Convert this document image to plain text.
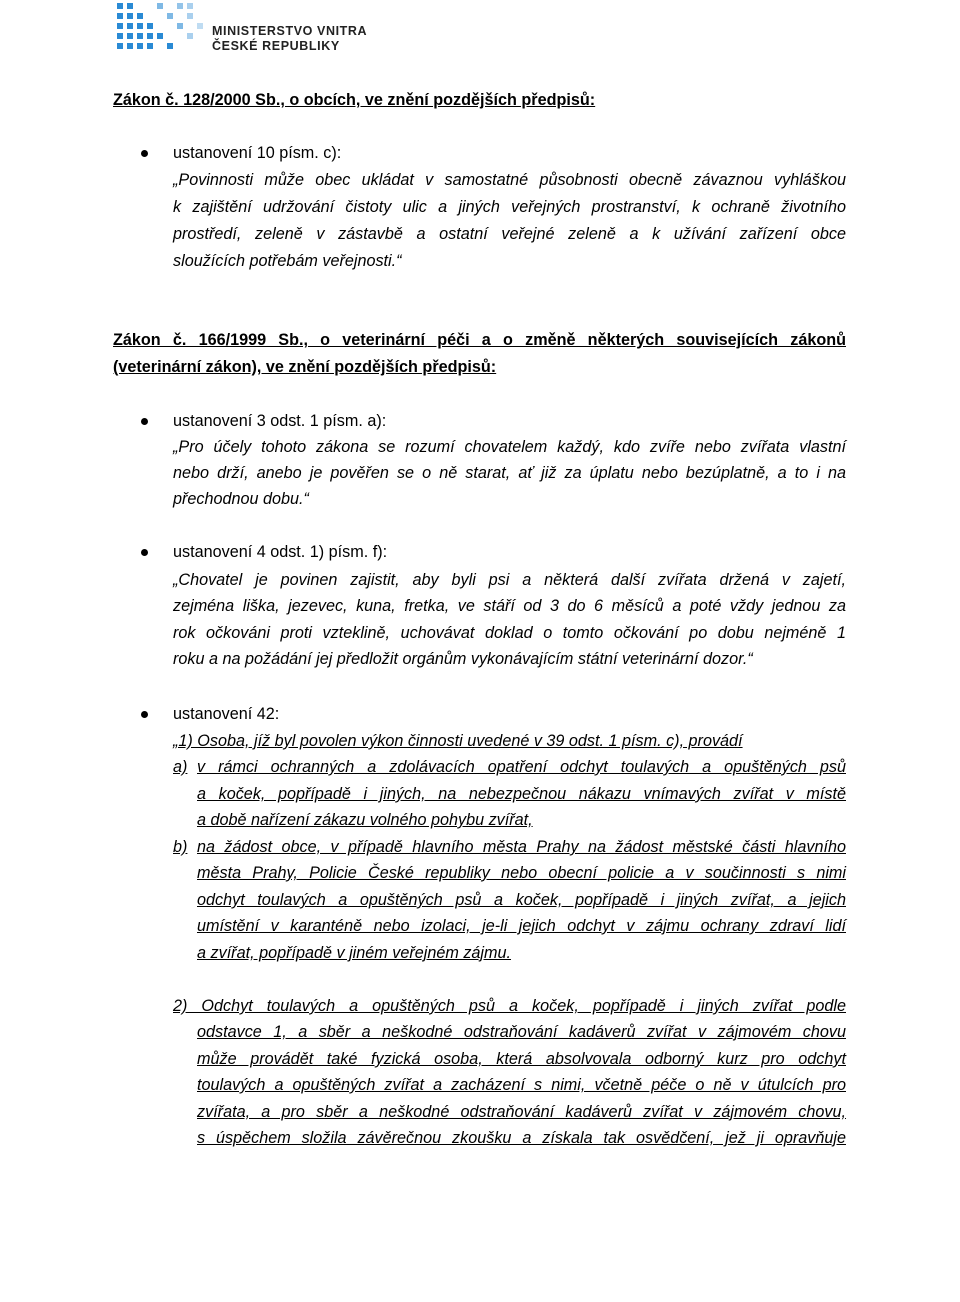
MINISTERSTVO VNITRA
ČESKÉ REPUBLIKY
Zákon č. 128/2000 Sb., o obcích, ve znění pozdějších předpisů:
ustanovení 10 písm. c):
„Povinnosti může obec ukládat v samostatné působnosti obecně závaznou vyhláškou
k zajištění udržování čistoty ulic a jiných veřejných prostranství, k ochraně životního
prostředí, zeleně v zástavbě a ostatní veřejné zeleně a k užívání zařízení obce
sloužících potřebám veřejnosti.“
Zákon č. 166/1999 Sb., o veterinární péči a o změně některých souvisejících zákonů
(veterinární zákon), ve znění pozdějších předpisů:
ustanovení 3 odst. 1 písm. a):
„Pro účely tohoto zákona se rozumí chovatelem každý, kdo zvíře nebo zvířata vlastní
nebo drží, anebo je pověřen se o ně starat, ať již za úplatu nebo bezúplatně, a to i na
přechodnou dobu.“
ustanovení 4 odst. 1) písm. f):
„Chovatel je povinen zajistit, aby byli psi a některá další zvířata držená v zajetí,
zejména liška, jezevec, kuna, fretka, ve stáří od 3 do 6 měsíců a poté vždy jednou za
rok očkováni proti vzteklině, uchovávat doklad o tomto očkování po dobu nejméně 1
roku a na požádání jej předložit orgánům vykonávajícím státní veterinární dozor.“
ustanovení 42:
„1) Osoba, jíž byl povolen výkon činnosti uvedené v 39 odst. 1 písm. c), provádí
a) v rámci ochranných a zdolávacích opatření odchyt toulavých a opuštěných psů
a koček, popřípadě i jiných, na nebezpečnou nákazu vnímavých zvířat v místě
a době nařízení zákazu volného pohybu zvířat,
b) na žádost obce, v případě hlavního města Prahy na žádost městské části hlavního
města Prahy, Policie České republiky nebo obecní policie a v součinnosti s nimi
odchyt toulavých a opuštěných psů a koček, popřípadě i jiných zvířat, a jejich
umístění v karanténě nebo izolaci, je-li jejich odchyt v zájmu ochrany zdraví lidí
a zvířat, popřípadě v jiném veřejném zájmu.
2) Odchyt toulavých a opuštěných psů a koček, popřípadě i jiných zvířat podle
odstavce 1, a sběr a neškodné odstraňování kadáverů zvířat v zájmovém chovu
může provádět také fyzická osoba, která absolvovala odborný kurz pro odchyt
toulavých a opuštěných zvířat a zacházení s nimi, včetně péče o ně v útulcích pro
zvířata, a pro sběr a neškodné odstraňování kadáverů zvířat v zájmovém chovu,
s úspěchem složila závěrečnou zkoušku a získala tak osvědčení, jež ji opravňuje
